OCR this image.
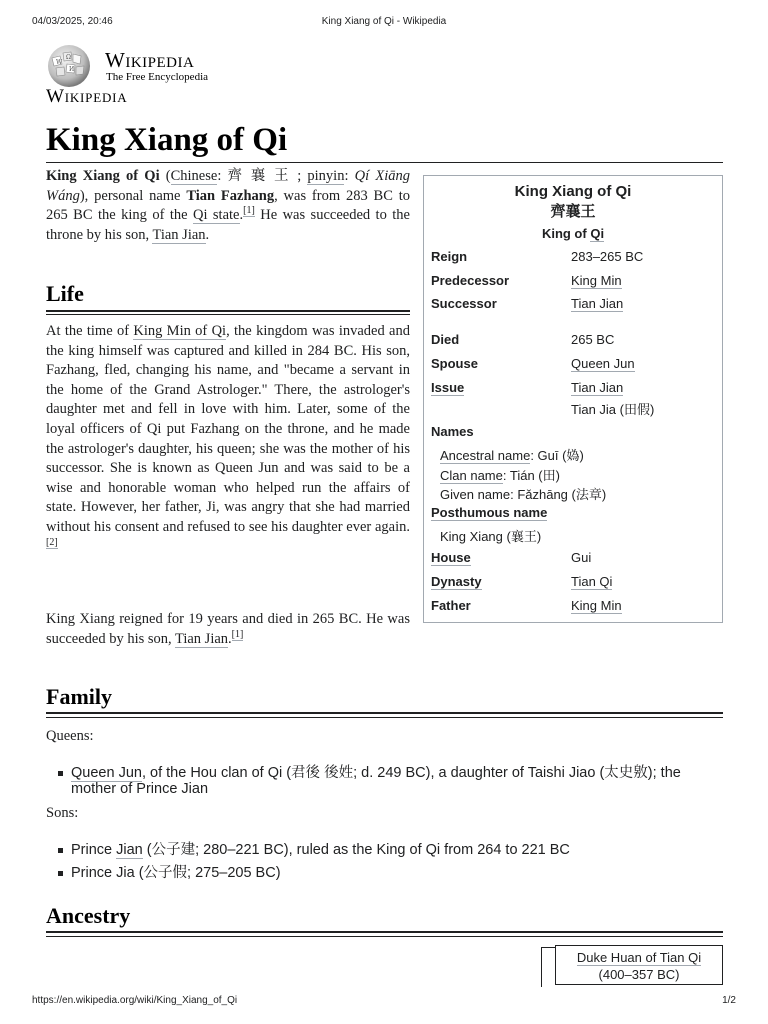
04/03/2025, 20:46	King Xiang of Qi - Wikipedia
W
Ω
И Wikipedia
The Free Encyclopedia
Wikipedia
King Xiang of Qi

King Xiang of Qi (Chinese: 齊 襄 王 ; pinyin: Qí Xiāng Wáng), personal name Tian Fazhang, was from 283 BC to 265 BC the king of the Qi state.[1] He was succeeded to the throne by his son, Tian Jian.

Life

At the time of King Min of Qi, the kingdom was invaded and the king himself was captured and killed in 284 BC. His son, Fazhang, fled, changing his name, and "became a servant in the home of the Grand Astrologer." There, the astrologer's daughter met and fell in love with him. Later, some of the loyal officers of Qi put Fazhang on the throne, and he made the astrologer's daughter, his queen; she was the mother of his successor. She is known as Queen Jun and was said to be a wise and honorable woman who helped run the affairs of state. However, her father, Ji, was angry that she had married without his consent and refused to see his daughter ever again.[2]

King Xiang reigned for 19 years and died in 265 BC. He was succeeded by his son, Tian Jian.[1]

King Xiang of Qi
齊襄王
King of Qi
Reign	283–265 BC
Predecessor	King Min
Successor	Tian Jian
Died	265 BC
Spouse	Queen Jun
Issue	Tian Jian
Tian Jia (田假)
Names
Ancestral name: Guī (媯)
Clan name: Tián (田)
Given name: Fǎzhāng (法章)
Posthumous name
King Xiang (襄王)
House	Gui
Dynasty	Tian Qi
Father	King Min
Family
Queens:
Queen Jun, of the Hou clan of Qi (君後 後姓; d. 249 BC), a daughter of Taishi Jiao (太史敫); the mother of Prince Jian
Sons:
Prince Jian (公子建; 280–221 BC), ruled as the King of Qi from 264 to 221 BC
Prince Jia (公子假; 275–205 BC)
Ancestry
Duke Huan of Tian Qi
(400–357 BC)
https://en.wikipedia.org/wiki/King_Xiang_of_Qi	1/2
